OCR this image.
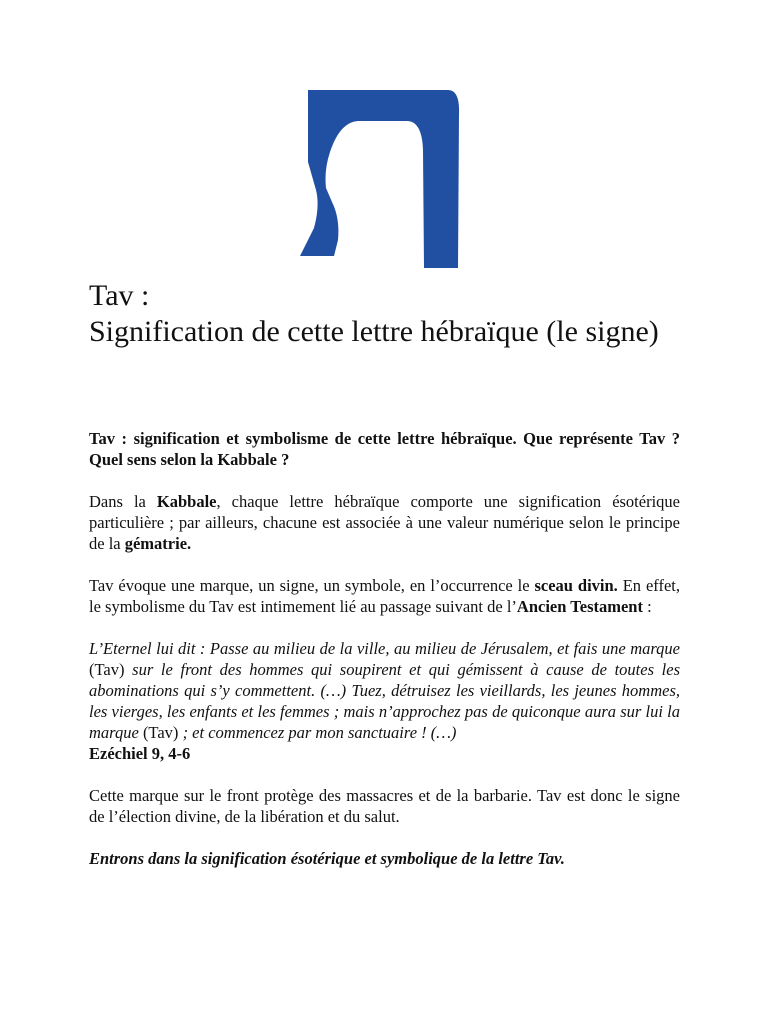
Tav :
Signification de cette lettre hébraïque (le signe)

Tav : signification et symbolisme de cette lettre hébraïque. Que représente Tav ? Quel sens selon la Kabbale ?

Dans la Kabbale, chaque lettre hébraïque comporte une signification ésotérique particulière ; par ailleurs, chacune est associée à une valeur numérique selon le principe de la gématrie.

Tav évoque une marque, un signe, un symbole, en l’occurrence le sceau divin. En effet, le symbolisme du Tav est intimement lié au passage suivant de l’Ancien Testament :

L’Eternel lui dit : Passe au milieu de la ville, au milieu de Jérusalem, et fais une marque (Tav) sur le front des hommes qui soupirent et qui gémissent à cause de toutes les abominations qui s’y commettent. (…) Tuez, détruisez les vieillards, les jeunes hommes, les vierges, les enfants et les femmes ; mais n’approchez pas de quiconque aura sur lui la marque (Tav) ; et commencez par mon sanctuaire ! (…)

Ezéchiel 9, 4-6

Cette marque sur le front protège des massacres et de la barbarie. Tav est donc le signe de l’élection divine, de la libération et du salut.

Entrons dans la signification ésotérique et symbolique de la lettre Tav.
